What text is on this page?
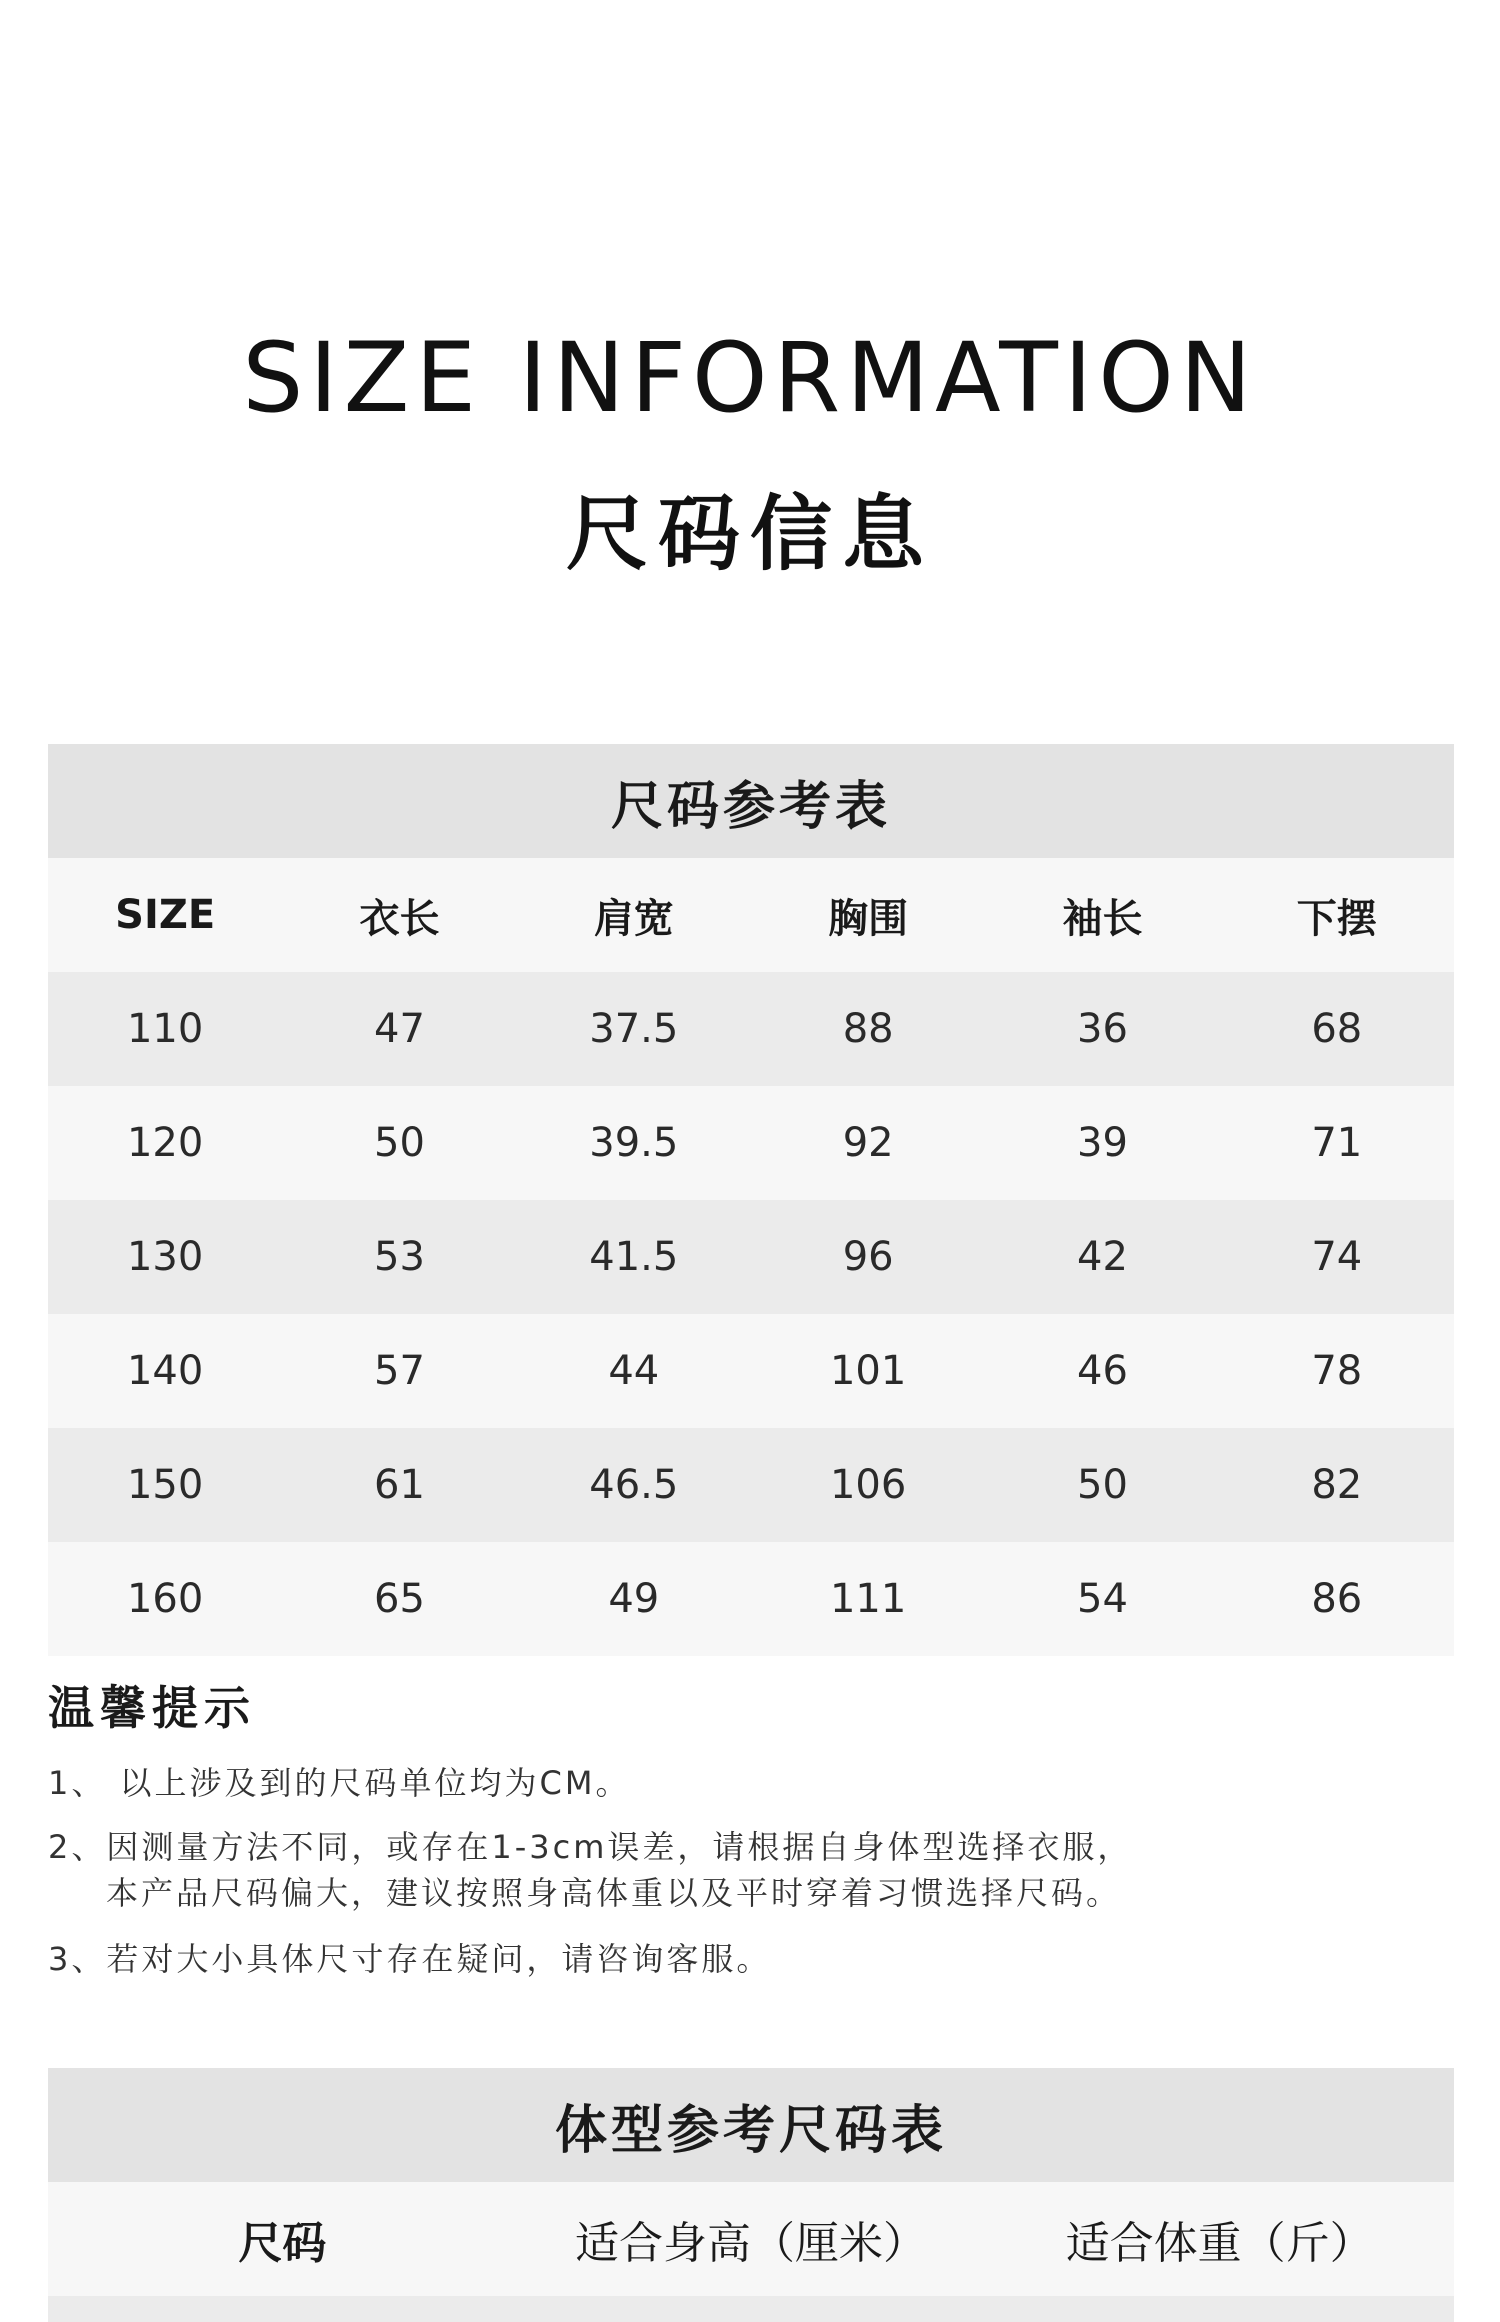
SIZE INFORMATION
尺码信息
尺码参考表
SIZE	衣长	肩宽	胸围	袖长	下摆
110	47	37.5	88	36	68
120	50	39.5	92	39	71
130	53	41.5	96	42	74
140	57	44	101	46	78
150	61	46.5	106	50	82
160	65	49	111	54	86
温馨提示
1、 以上涉及到的尺码单位均为CM。
2、因测量方法不同，或存在1-3cm误差，请根据自身体型选择衣服，
本产品尺码偏大，建议按照身高体重以及平时穿着习惯选择尺码。
3、若对大小具体尺寸存在疑问，请咨询客服。
体型参考尺码表
尺码	适合身高（厘米）	适合体重（斤）
